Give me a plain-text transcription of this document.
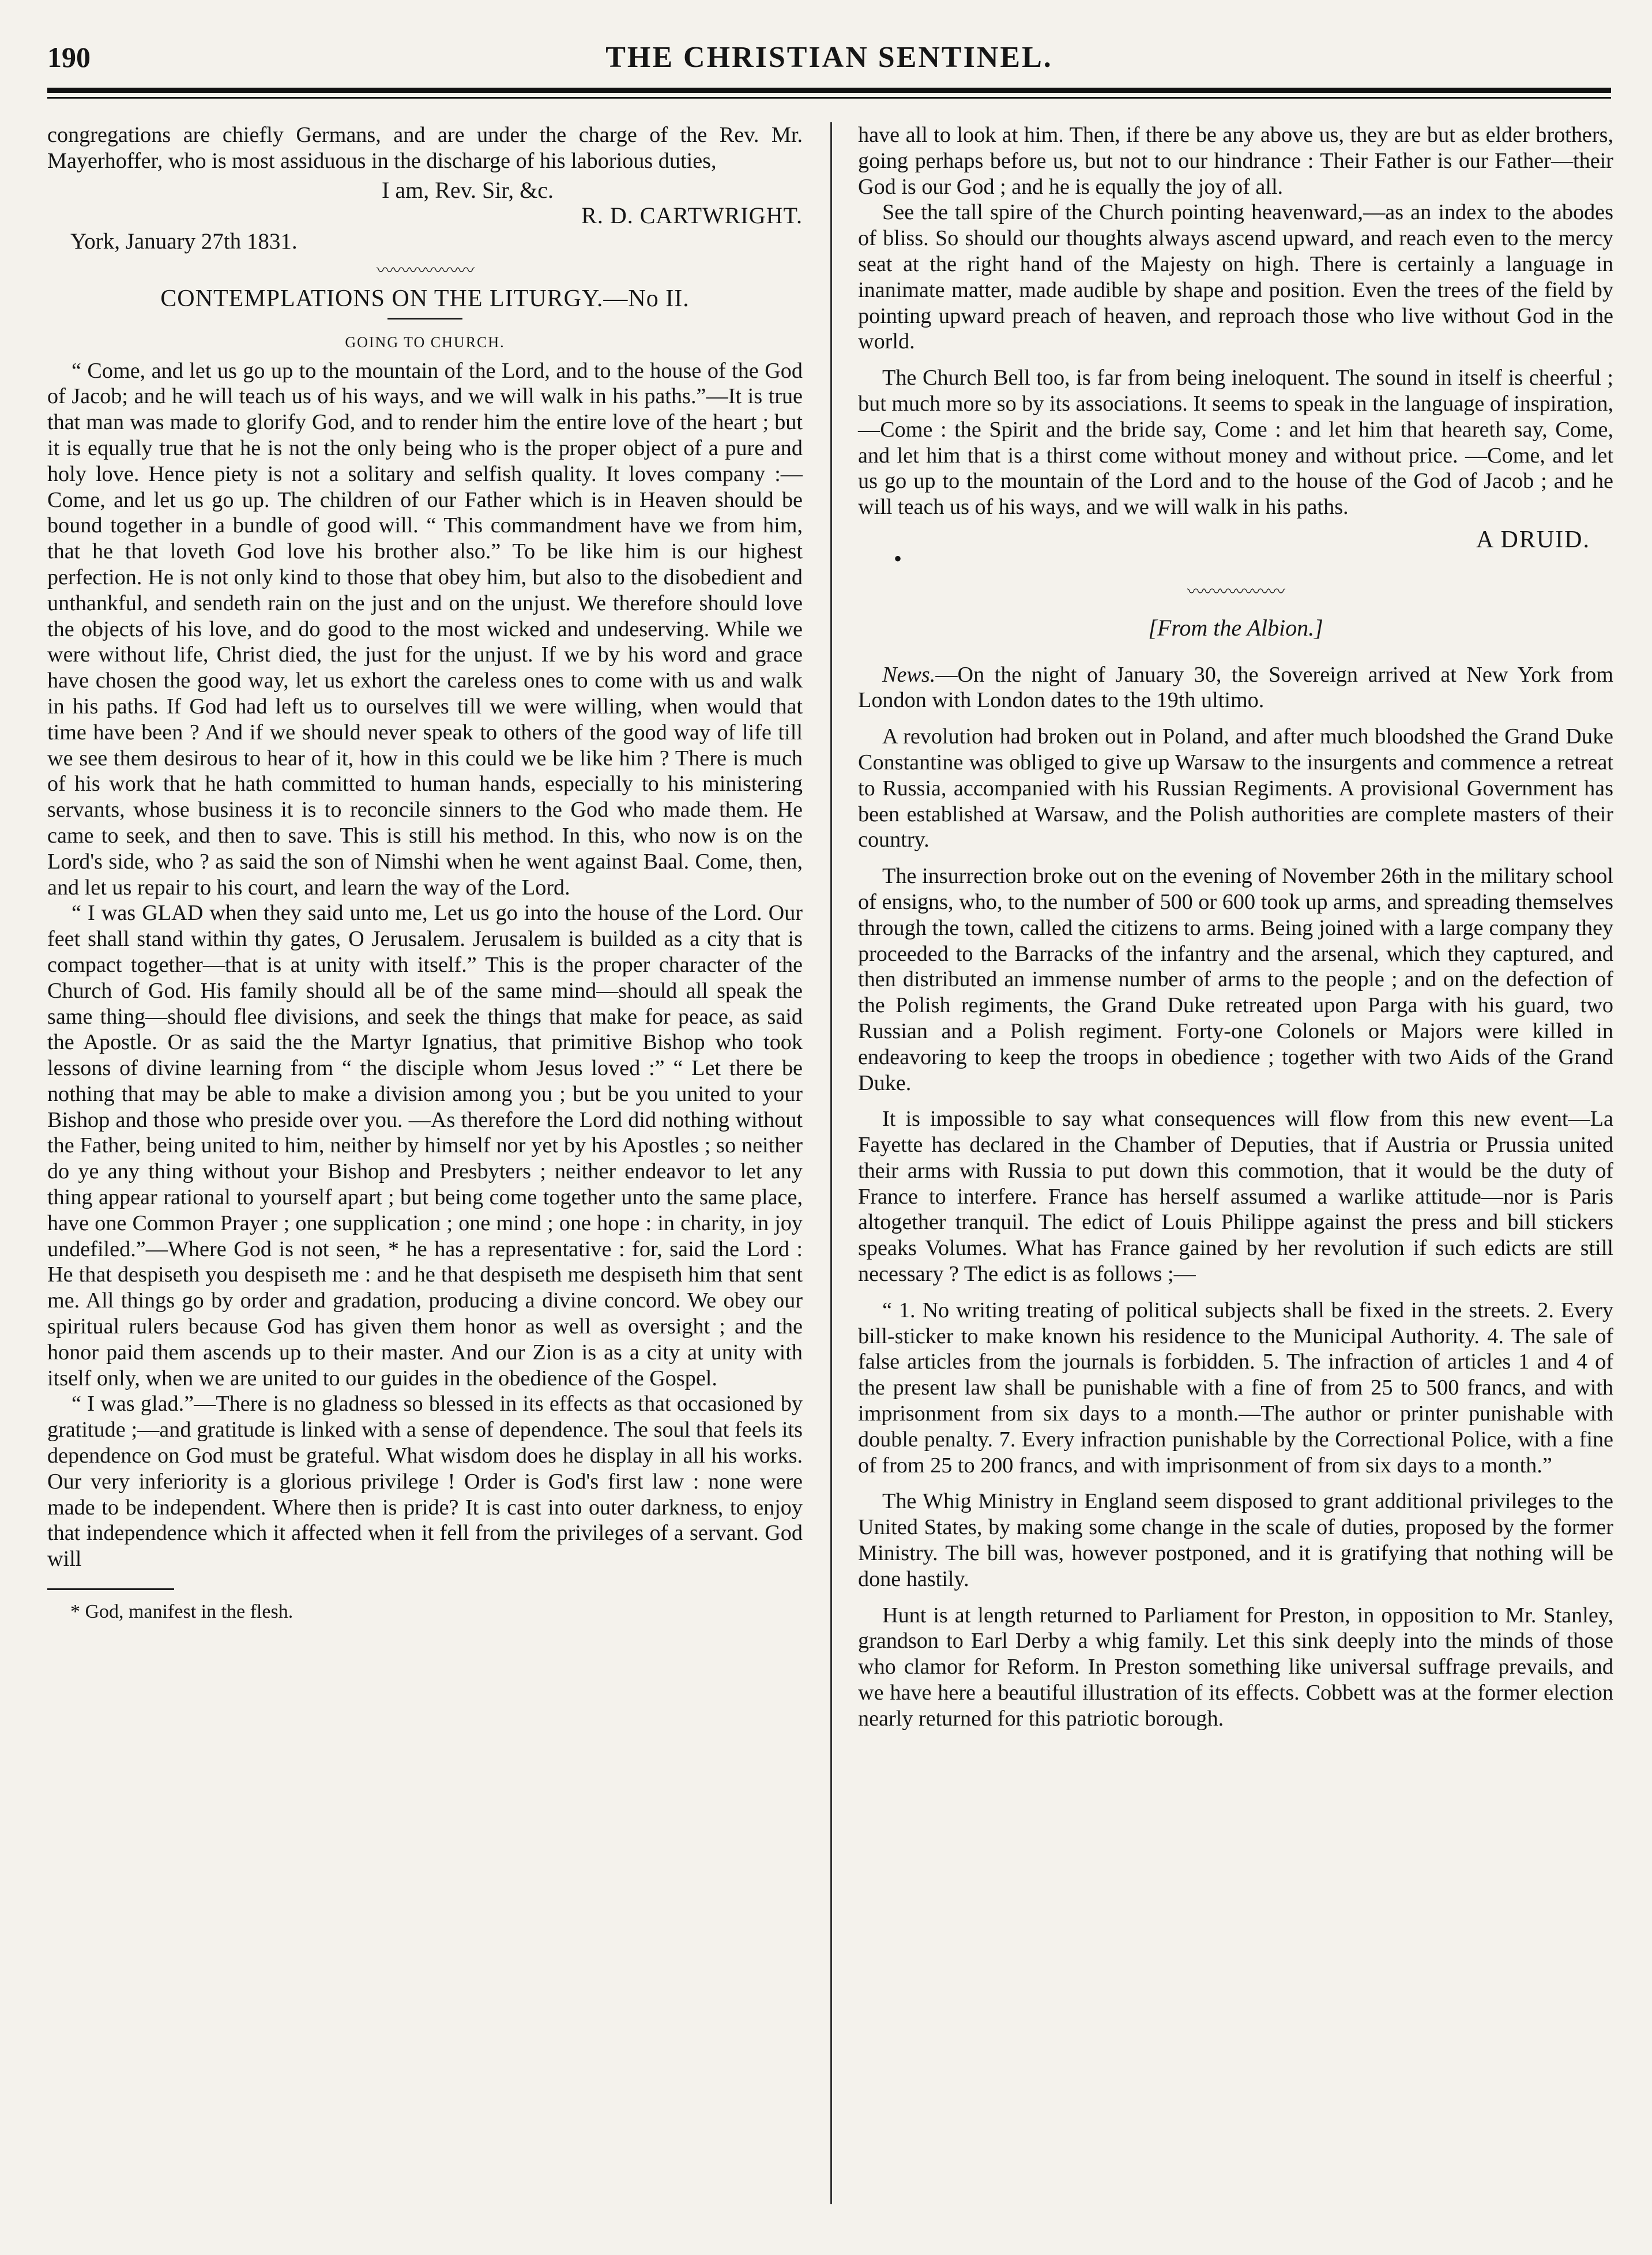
190	THE CHRISTIAN SENTINEL.

congregations are chiefly Germans, and are under the charge of the Rev. Mr. Mayerhoffer, who is most assiduous in the discharge of his laborious duties,

I am, Rev. Sir, &c.

R. D. CARTWRIGHT.

York, January 27th 1831.

〰〰〰〰〰〰
CONTEMPLATIONS ON THE LITURGY.—No II.
GOING TO CHURCH.

“ Come, and let us go up to the mountain of the Lord, and to the house of the God of Jacob; and he will teach us of his ways, and we will walk in his paths.”—It is true that man was made to glorify God, and to render him the entire love of the heart ; but it is equally true that he is not the only being who is the proper object of a pure and holy love. Hence piety is not a solitary and selfish quality. It loves company :—Come, and let us go up. The children of our Father which is in Heaven should be bound together in a bundle of good will. “ This commandment have we from him, that he that loveth God love his brother also.” To be like him is our highest perfection. He is not only kind to those that obey him, but also to the disobedient and unthankful, and sendeth rain on the just and on the unjust. We therefore should love the objects of his love, and do good to the most wicked and undeserving. While we were without life, Christ died, the just for the unjust. If we by his word and grace have chosen the good way, let us exhort the careless ones to come with us and walk in his paths. If God had left us to ourselves till we were willing, when would that time have been ? And if we should never speak to others of the good way of life till we see them desirous to hear of it, how in this could we be like him ? There is much of his work that he hath committed to human hands, especially to his ministering servants, whose business it is to reconcile sinners to the God who made them. He came to seek, and then to save. This is still his method. In this, who now is on the Lord's side, who ? as said the son of Nimshi when he went against Baal. Come, then, and let us repair to his court, and learn the way of the Lord.

“ I was GLAD when they said unto me, Let us go into the house of the Lord. Our feet shall stand within thy gates, O Jerusalem. Jerusalem is builded as a city that is compact together—that is at unity with itself.” This is the proper character of the Church of God. His family should all be of the same mind—should all speak the same thing—should flee divisions, and seek the things that make for peace, as said the Apostle. Or as said the the Martyr Ignatius, that primitive Bishop who took lessons of divine learning from “ the disciple whom Jesus loved :” “ Let there be nothing that may be able to make a division among you ; but be you united to your Bishop and those who preside over you. —As therefore the Lord did nothing without the Father, being united to him, neither by himself nor yet by his Apostles ; so neither do ye any thing without your Bishop and Presbyters ; neither endeavor to let any thing appear rational to yourself apart ; but being come together unto the same place, have one Common Prayer ; one supplication ; one mind ; one hope : in charity, in joy undefiled.”—Where God is not seen, * he has a representative : for, said the Lord : He that despiseth you despiseth me : and he that despiseth me despiseth him that sent me. All things go by order and gradation, producing a divine concord. We obey our spiritual rulers because God has given them honor as well as oversight ; and the honor paid them ascends up to their master. And our Zion is as a city at unity with itself only, when we are united to our guides in the obedience of the Gospel.

“ I was glad.”—There is no gladness so blessed in its effects as that occasioned by gratitude ;—and gratitude is linked with a sense of dependence. The soul that feels its dependence on God must be grateful. What wisdom does he display in all his works. Our very inferiority is a glorious privilege ! Order is God's first law : none were made to be independent. Where then is pride? It is cast into outer darkness, to enjoy that independence which it affected when it fell from the privileges of a servant. God will

* God, manifest in the flesh.

have all to look at him. Then, if there be any above us, they are but as elder brothers, going perhaps before us, but not to our hindrance : Their Father is our Father—their God is our God ; and he is equally the joy of all.

See the tall spire of the Church pointing heavenward,—as an index to the abodes of bliss. So should our thoughts always ascend upward, and reach even to the mercy seat at the right hand of the Majesty on high. There is certainly a language in inanimate matter, made audible by shape and position. Even the trees of the field by pointing upward preach of heaven, and reproach those who live without God in the world.

The Church Bell too, is far from being ineloquent. The sound in itself is cheerful ; but much more so by its associations. It seems to speak in the language of inspiration,—Come : the Spirit and the bride say, Come : and let him that heareth say, Come, and let him that is a thirst come without money and without price. —Come, and let us go up to the mountain of the Lord and to the house of the God of Jacob ; and he will teach us of his ways, and we will walk in his paths.

A DRUID.

•
〰〰〰〰〰〰

[From the Albion.]

News.—On the night of January 30, the Sovereign arrived at New York from London with London dates to the 19th ultimo.

A revolution had broken out in Poland, and after much bloodshed the Grand Duke Constantine was obliged to give up Warsaw to the insurgents and commence a retreat to Russia, accompanied with his Russian Regiments. A provisional Government has been established at Warsaw, and the Polish authorities are complete masters of their country.

The insurrection broke out on the evening of November 26th in the military school of ensigns, who, to the number of 500 or 600 took up arms, and spreading themselves through the town, called the citizens to arms. Being joined with a large company they proceeded to the Barracks of the infantry and the arsenal, which they captured, and then distributed an immense number of arms to the people ; and on the defection of the Polish regiments, the Grand Duke retreated upon Parga with his guard, two Russian and a Polish regiment. Forty-one Colonels or Majors were killed in endeavoring to keep the troops in obedience ; together with two Aids of the Grand Duke.

It is impossible to say what consequences will flow from this new event—La Fayette has declared in the Chamber of Deputies, that if Austria or Prussia united their arms with Russia to put down this commotion, that it would be the duty of France to interfere. France has herself assumed a warlike attitude—nor is Paris altogether tranquil. The edict of Louis Philippe against the press and bill stickers speaks Volumes. What has France gained by her revolution if such edicts are still necessary ? The edict is as follows ;—

“ 1. No writing treating of political subjects shall be fixed in the streets. 2. Every bill-sticker to make known his residence to the Municipal Authority. 4. The sale of false articles from the journals is forbidden. 5. The infraction of articles 1 and 4 of the present law shall be punishable with a fine of from 25 to 500 francs, and with imprisonment from six days to a month.—The author or printer punishable with double penalty. 7. Every infraction punishable by the Correctional Police, with a fine of from 25 to 200 francs, and with imprisonment of from six days to a month.”

The Whig Ministry in England seem disposed to grant additional privileges to the United States, by making some change in the scale of duties, proposed by the former Ministry. The bill was, however postponed, and it is gratifying that nothing will be done hastily.

Hunt is at length returned to Parliament for Preston, in opposition to Mr. Stanley, grandson to Earl Derby a whig family. Let this sink deeply into the minds of those who clamor for Reform. In Preston something like universal suffrage prevails, and we have here a beautiful illustration of its effects. Cobbett was at the former election nearly returned for this patriotic borough.
